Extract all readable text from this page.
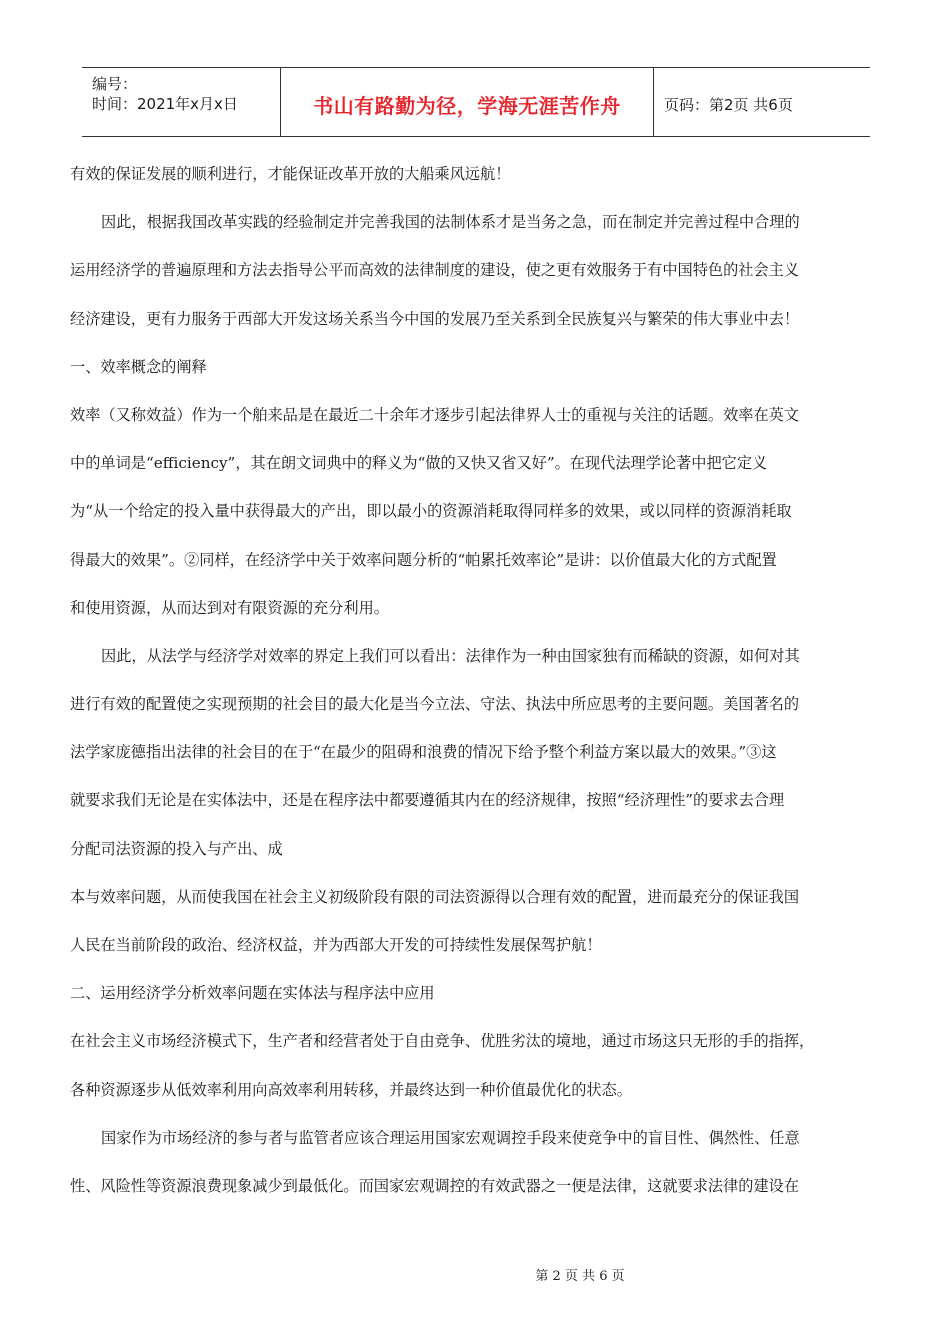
编号：
时间：2021年x月x日	书山有路勤为径，学海无涯苦作舟	页码：第2页 共6页
有效的保证发展的顺利进行，才能保证改革开放的大船乘风远航！
因此，根据我国改革实践的经验制定并完善我国的法制体系才是当务之急，而在制定并完善过程中合理的
运用经济学的普遍原理和方法去指导公平而高效的法律制度的建设，使之更有效服务于有中国特色的社会主义
经济建设，更有力服务于西部大开发这场关系当今中国的发展乃至关系到全民族复兴与繁荣的伟大事业中去！
一、效率概念的阐释
效率（又称效益）作为一个舶来品是在最近二十余年才逐步引起法律界人士的重视与关注的话题。效率在英文
中的单词是“efficiency”，其在朗文词典中的释义为“做的又快又省又好”。在现代法理学论著中把它定义
为“从一个给定的投入量中获得最大的产出，即以最小的资源消耗取得同样多的效果，或以同样的资源消耗取
得最大的效果”。②同样，在经济学中关于效率问题分析的“帕累托效率论”是讲：以价值最大化的方式配置
和使用资源，从而达到对有限资源的充分利用。
因此，从法学与经济学对效率的界定上我们可以看出：法律作为一种由国家独有而稀缺的资源，如何对其
进行有效的配置使之实现预期的社会目的最大化是当今立法、守法、执法中所应思考的主要问题。美国著名的
法学家庞德指出法律的社会目的在于“在最少的阻碍和浪费的情况下给予整个利益方案以最大的效果。”③这
就要求我们无论是在实体法中，还是在程序法中都要遵循其内在的经济规律，按照“经济理性”的要求去合理
分配司法资源的投入与产出、成
本与效率问题，从而使我国在社会主义初级阶段有限的司法资源得以合理有效的配置，进而最充分的保证我国
人民在当前阶段的政治、经济权益，并为西部大开发的可持续性发展保驾护航！
二、运用经济学分析效率问题在实体法与程序法中应用
在社会主义市场经济模式下，生产者和经营者处于自由竞争、优胜劣汰的境地，通过市场这只无形的手的指挥，
各种资源逐步从低效率利用向高效率利用转移，并最终达到一种价值最优化的状态。
国家作为市场经济的参与者与监管者应该合理运用国家宏观调控手段来使竞争中的盲目性、偶然性、任意
性、风险性等资源浪费现象减少到最低化。而国家宏观调控的有效武器之一便是法律，这就要求法律的建设在
第 2 页 共 6 页
